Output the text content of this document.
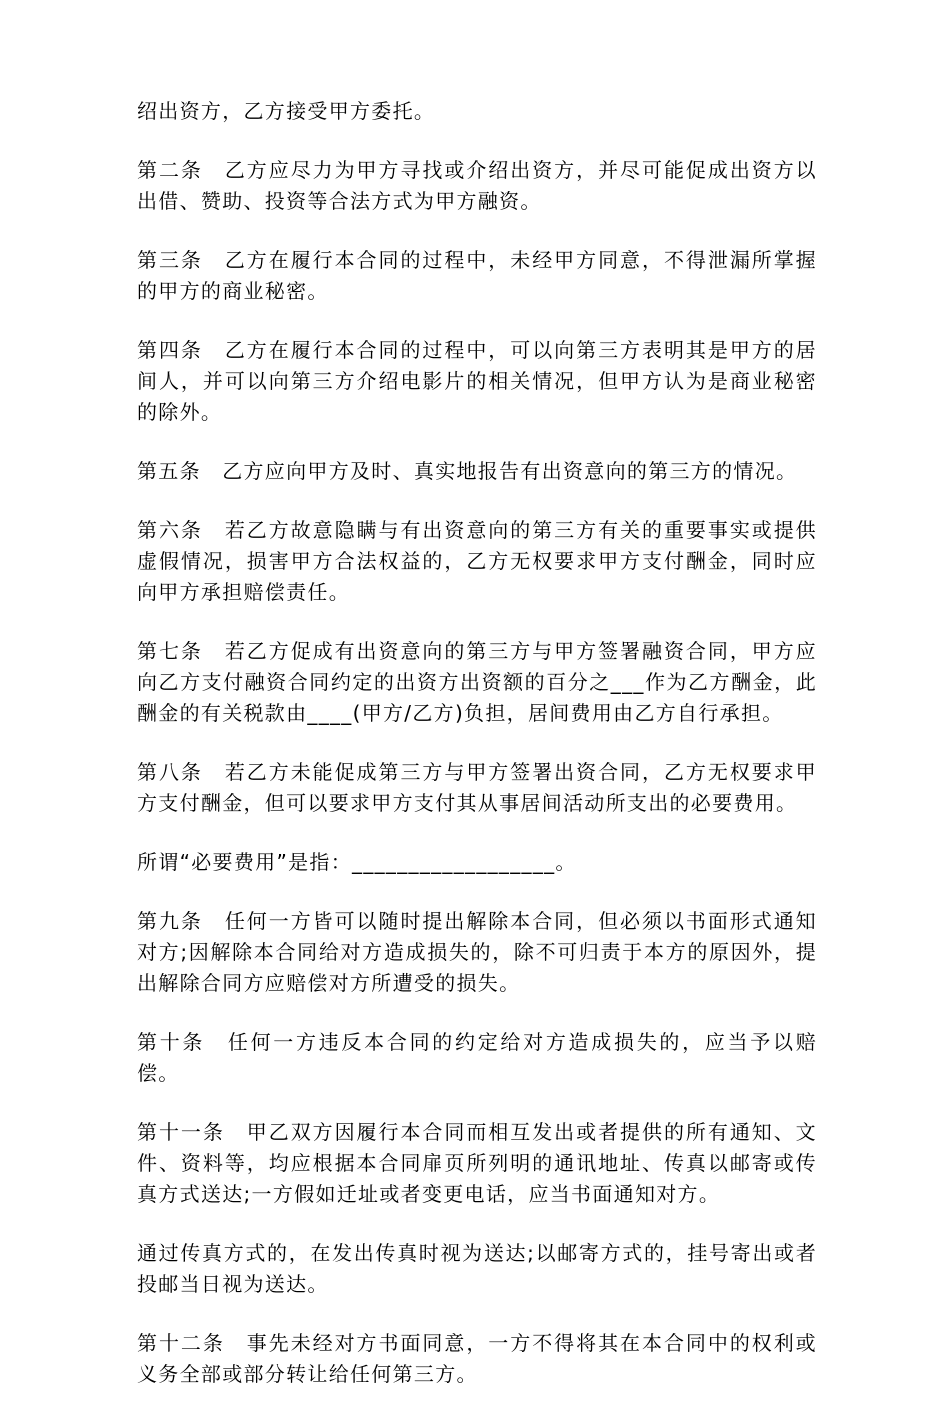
绍出资方，乙方接受甲方委托。

第二条　乙方应尽力为甲方寻找或介绍出资方，并尽可能促成出资方以出借、赞助、投资等合法方式为甲方融资。

第三条　乙方在履行本合同的过程中，未经甲方同意，不得泄漏所掌握的甲方的商业秘密。

第四条　乙方在履行本合同的过程中，可以向第三方表明其是甲方的居间人，并可以向第三方介绍电影片的相关情况，但甲方认为是商业秘密的除外。

第五条　乙方应向甲方及时、真实地报告有出资意向的第三方的情况。

第六条　若乙方故意隐瞒与有出资意向的第三方有关的重要事实或提供虚假情况，损害甲方合法权益的，乙方无权要求甲方支付酬金，同时应向甲方承担赔偿责任。

第七条　若乙方促成有出资意向的第三方与甲方签署融资合同，甲方应向乙方支付融资合同约定的出资方出资额的百分之___作为乙方酬金，此酬金的有关税款由____(甲方/乙方)负担，居间费用由乙方自行承担。

第八条　若乙方未能促成第三方与甲方签署出资合同，乙方无权要求甲方支付酬金，但可以要求甲方支付其从事居间活动所支出的必要费用。

所谓“必要费用”是指：__________________。

第九条　任何一方皆可以随时提出解除本合同，但必须以书面形式通知对方;因解除本合同给对方造成损失的，除不可归责于本方的原因外，提出解除合同方应赔偿对方所遭受的损失。

第十条　任何一方违反本合同的约定给对方造成损失的，应当予以赔偿。

第十一条　甲乙双方因履行本合同而相互发出或者提供的所有通知、文件、资料等，均应根据本合同扉页所列明的通讯地址、传真以邮寄或传真方式送达;一方假如迁址或者变更电话，应当书面通知对方。

通过传真方式的，在发出传真时视为送达;以邮寄方式的，挂号寄出或者投邮当日视为送达。

第十二条　事先未经对方书面同意，一方不得将其在本合同中的权利或义务全部或部分转让给任何第三方。
